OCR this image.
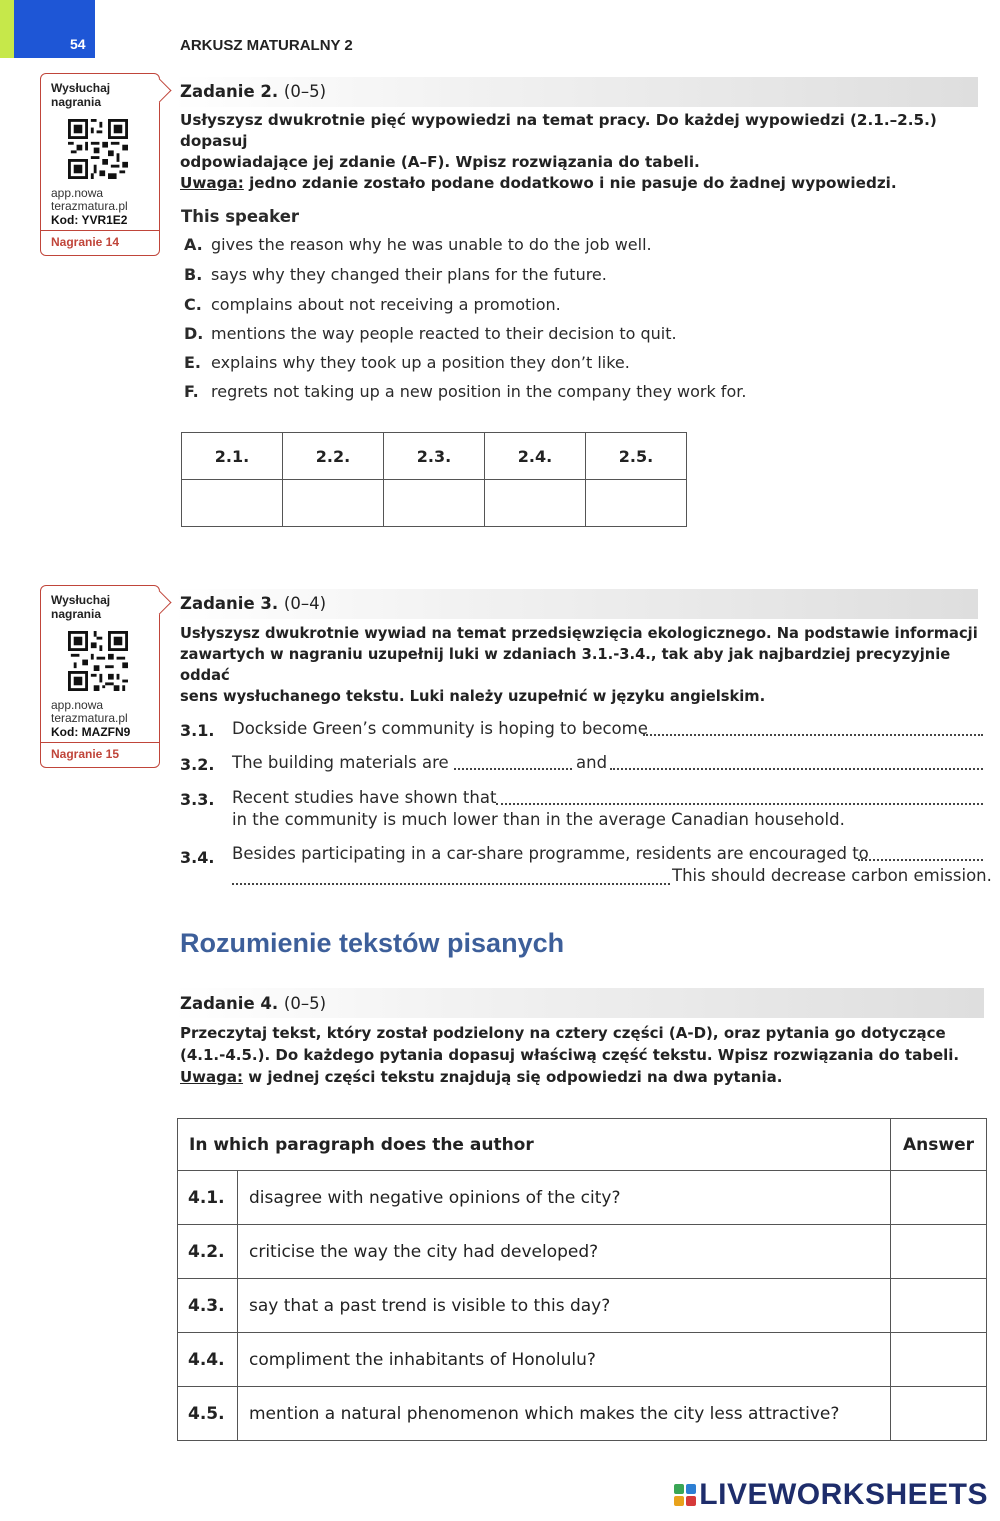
54	ARKUSZ MATURALNY 2
Wysłuchaj nagrania
app.nowa terazmatura.pl
Kod: YVR1E2
Nagranie 14
Zadanie 2. (0–5)
Usłyszysz dwukrotnie pięć wypowiedzi na temat pracy. Do każdej wypowiedzi (2.1.–2.5.) dopasuj
odpowiadające jej zdanie (A–F). Wpisz rozwiązania do tabeli.
Uwaga: jedno zdanie zostało podane dodatkowo i nie pasuje do żadnej wypowiedzi.
This speaker
A. gives the reason why he was unable to do the job well.
B. says why they changed their plans for the future.
C. complains about not receiving a promotion.
D. mentions the way people reacted to their decision to quit.
E. explains why they took up a position they don’t like.
F. regrets not taking up a new position in the company they work for.
2.1.	2.2.	2.3.	2.4.	2.5.

Wysłuchaj nagrania
app.nowa terazmatura.pl
Kod: MAZFN9
Nagranie 15
Zadanie 3. (0–4)
Usłyszysz dwukrotnie wywiad na temat przedsięwzięcia ekologicznego. Na podstawie informacji
zawartych w nagraniu uzupełnij luki w zdaniach 3.1.-3.4., tak aby jak najbardziej precyzyjnie oddać
sens wysłuchanego tekstu. Luki należy uzupełnić w języku angielskim.
3.1. Dockside Green’s community is hoping to become
3.2. The building materials are	and
3.3. Recent studies have shown that
in the community is much lower than in the average Canadian household.
3.4. Besides participating in a car-share programme, residents are encouraged to
This should decrease carbon emission.
Rozumienie tekstów pisanych
Zadanie 4. (0–5)
Przeczytaj tekst, który został podzielony na cztery części (A-D), oraz pytania go dotyczące
(4.1.-4.5.). Do każdego pytania dopasuj właściwą część tekstu. Wpisz rozwiązania do tabeli.
Uwaga: w jednej części tekstu znajdują się odpowiedzi na dwa pytania.
In which paragraph does the author		Answer
4.1.	disagree with negative opinions of the city?	
4.2.	criticise the way the city had developed?	
4.3.	say that a past trend is visible to this day?	
4.4.	compliment the inhabitants of Honolulu?	
4.5.	mention a natural phenomenon which makes the city less attractive?	
LIVEWORKSHEETS
